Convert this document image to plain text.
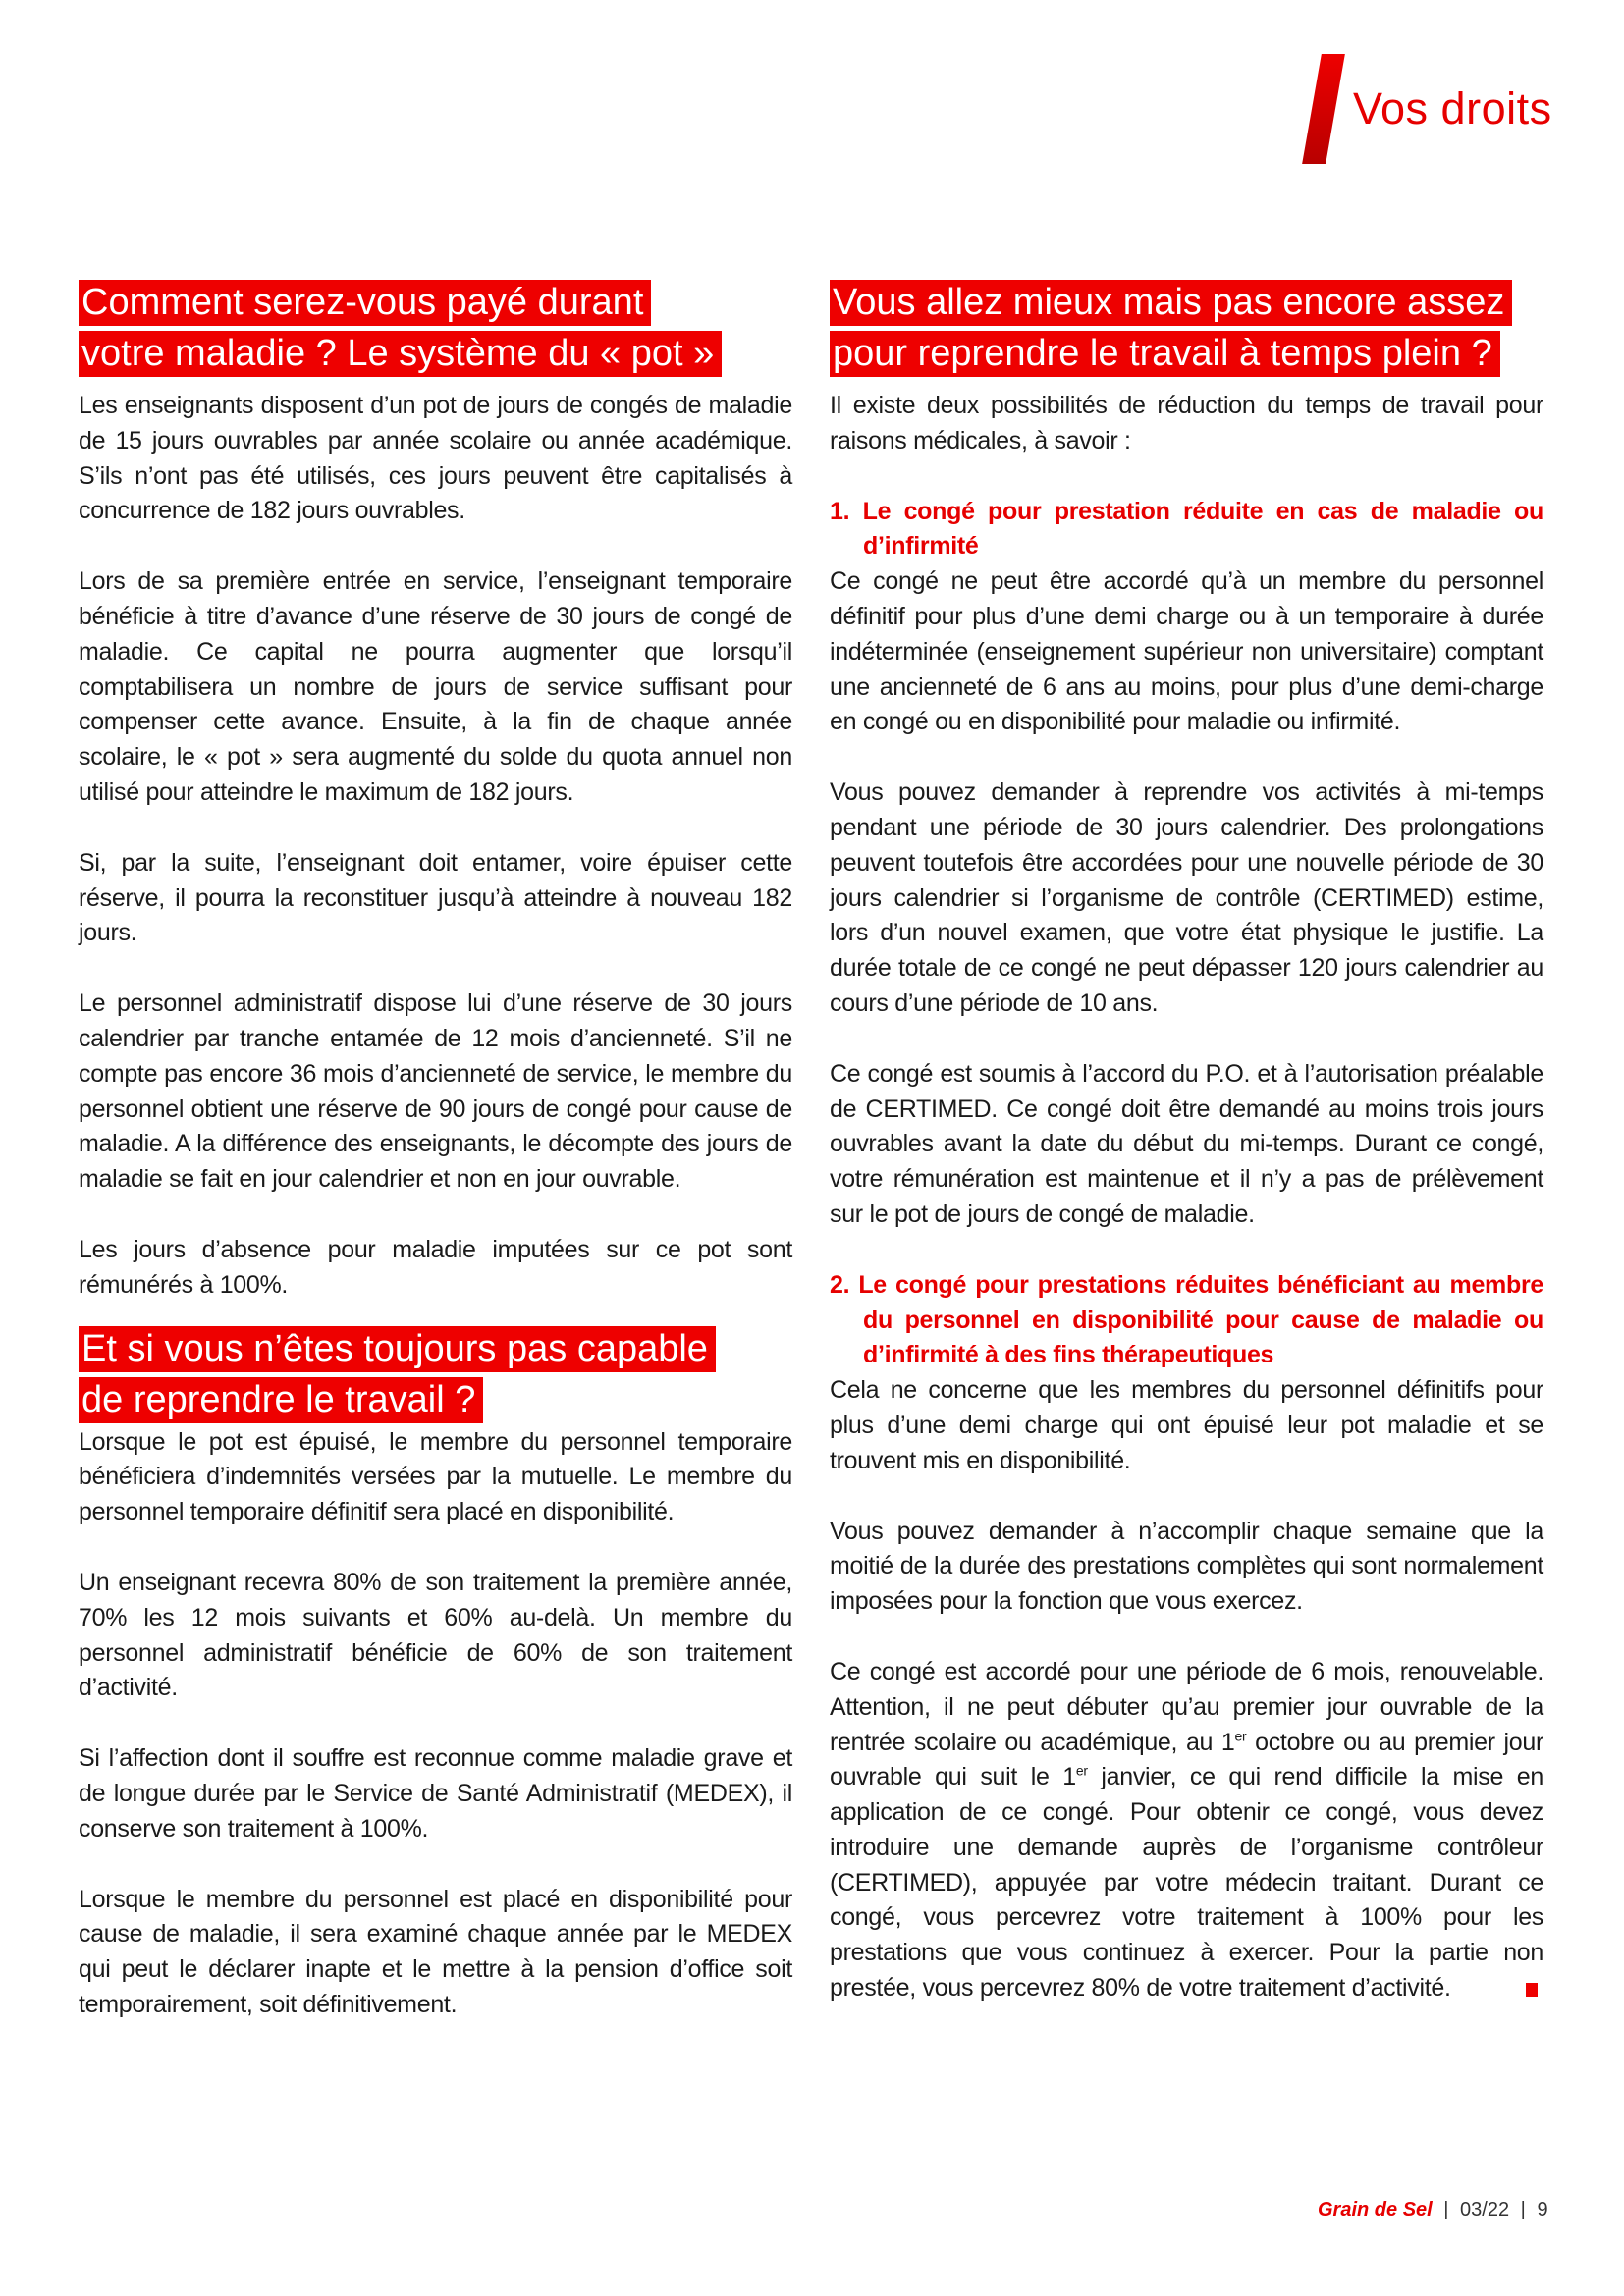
Vos droits
Comment serez-vous payé durant
votre maladie ? Le système du « pot »

Les enseignants disposent d’un pot de jours de congés de maladie de 15 jours ouvrables par année scolaire ou année académique. S’ils n’ont pas été utilisés, ces jours peuvent être capitalisés à concurrence de 182 jours ouvrables.

Lors de sa première entrée en service, l’enseignant temporaire bénéficie à titre d’avance d’une réserve de 30 jours de congé de maladie. Ce capital ne pourra augmenter que lorsqu’il comptabilisera un nombre de jours de service suffisant pour compenser cette avance. Ensuite, à la fin de chaque année scolaire, le « pot » sera augmenté du solde du quota annuel non utilisé pour atteindre le maximum de 182 jours.

Si, par la suite, l’enseignant doit entamer, voire épuiser cette réserve, il pourra la reconstituer jusqu’à atteindre à nouveau 182 jours.

Le personnel administratif dispose lui d’une réserve de 30 jours calendrier par tranche entamée de 12 mois d’ancienneté. S’il ne compte pas encore 36 mois d’ancienneté de service, le membre du personnel obtient une réserve de 90 jours de congé pour cause de maladie. A la différence des enseignants, le décompte des jours de maladie se fait en jour calendrier et non en jour ouvrable.

Les jours d’absence pour maladie imputées sur ce pot sont rémunérés à 100%.

Et si vous n’êtes toujours pas capable
de reprendre le travail ?

Lorsque le pot est épuisé, le membre du personnel temporaire bénéficiera d’indemnités versées par la mutuelle. Le membre du personnel temporaire définitif sera placé en disponibilité.

Un enseignant recevra 80% de son traitement la première année, 70% les 12 mois suivants et 60% au-delà. Un membre du personnel administratif bénéficie de 60% de son traitement d’activité.

Si l’affection dont il souffre est reconnue comme maladie grave et de longue durée par le Service de Santé Administratif (MEDEX), il conserve son traitement à 100%.

Lorsque le membre du personnel est placé en disponibilité pour cause de maladie, il sera examiné chaque année par le MEDEX qui peut le déclarer inapte et le mettre à la pension d’office soit temporairement, soit définitivement.

Vous allez mieux mais pas encore assez
pour reprendre le travail à temps plein ?

Il existe deux possibilités de réduction du temps de travail pour raisons médicales, à savoir :

1. Le congé pour prestation réduite en cas de maladie ou d’infirmité

Ce congé ne peut être accordé qu’à un membre du personnel définitif pour plus d’une demi charge ou à un temporaire à durée indéterminée (enseignement supérieur non universitaire) comptant une ancienneté de 6 ans au moins, pour plus d’une demi-charge en congé ou en disponibilité pour maladie ou infirmité.

Vous pouvez demander à reprendre vos activités à mi-temps pendant une période de 30 jours calendrier. Des prolongations peuvent toutefois être accordées pour une nouvelle période de 30 jours calendrier si l’organisme de contrôle (CERTIMED) estime, lors d’un nouvel examen, que votre état physique le justifie. La durée totale de ce congé ne peut dépasser 120 jours calendrier au cours d’une période de 10 ans.

Ce congé est soumis à l’accord du P.O. et à l’autorisation préalable de CERTIMED. Ce congé doit être demandé au moins trois jours ouvrables avant la date du début du mi-temps. Durant ce congé, votre rémunération est maintenue et il n’y a pas de prélèvement sur le pot de jours de congé de maladie.

2. Le congé pour prestations réduites bénéficiant au membre du personnel en disponibilité pour cause de maladie ou d’infirmité à des fins thérapeutiques

Cela ne concerne que les membres du personnel définitifs pour plus d’une demi charge qui ont épuisé leur pot maladie et se trouvent mis en disponibilité.

Vous pouvez demander à n’accomplir chaque semaine que la moitié de la durée des prestations complètes qui sont normalement imposées pour la fonction que vous exercez.

Ce congé est accordé pour une période de 6 mois, renouvelable. Attention, il ne peut débuter qu’au premier jour ouvrable de la rentrée scolaire ou académique, au 1er octobre ou au premier jour ouvrable qui suit le 1er janvier, ce qui rend difficile la mise en application de ce congé. Pour obtenir ce congé, vous devez introduire une demande auprès de l’organisme contrôleur (CERTIMED), appuyée par votre médecin traitant. Durant ce congé, vous percevrez votre traitement à 100% pour les prestations que vous continuez à exercer. Pour la partie non prestée, vous percevrez 80% de votre traitement d’activité.

Grain de Sel | 03/22 | 9
